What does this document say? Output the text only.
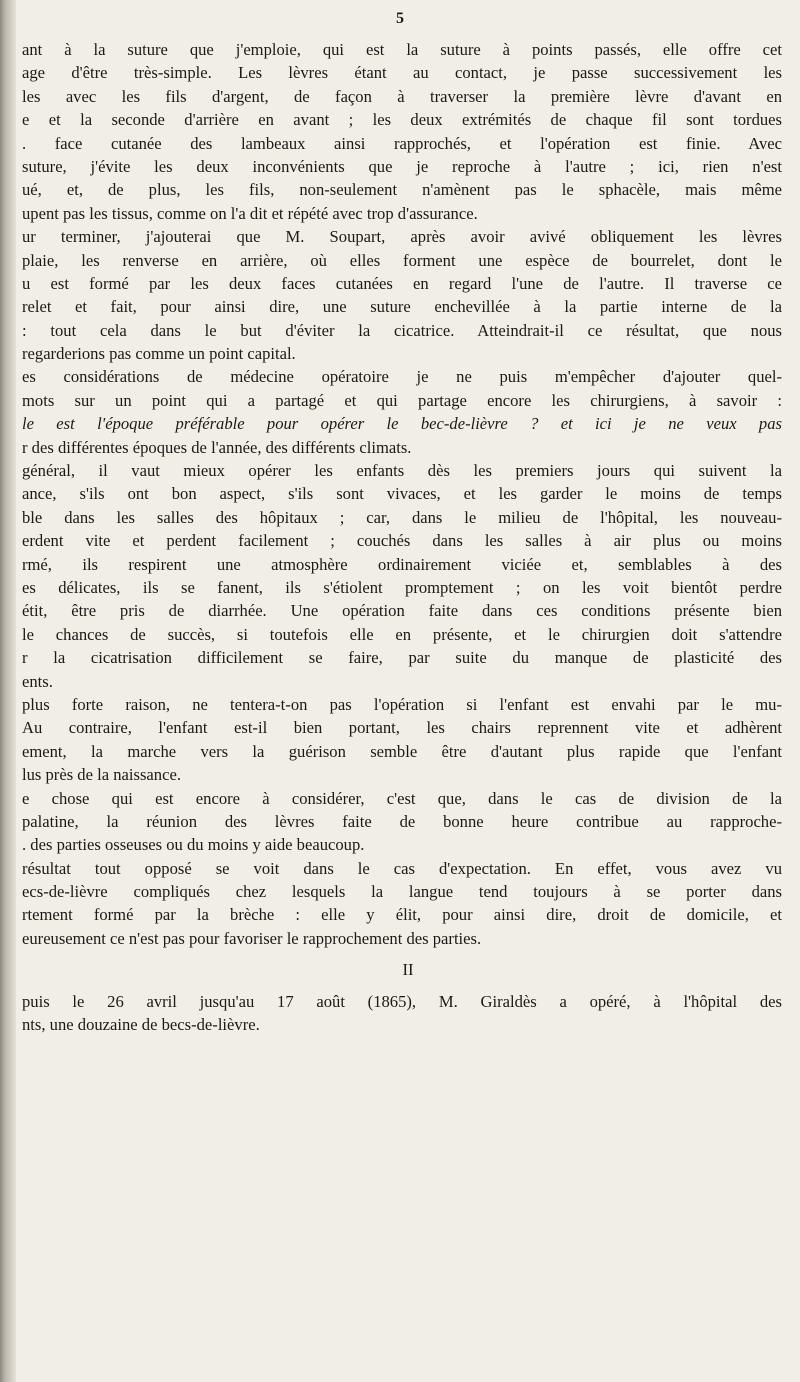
5
ant à la suture que j'emploie, qui est la suture à points passés, elle offre cet
age d'être très-simple. Les lèvres étant au contact, je passe successivement les
les avec les fils d'argent, de façon à traverser la première lèvre d'avant en
e et la seconde d'arrière en avant ; les deux extrémités de chaque fil sont tordues
. face cutanée des lambeaux ainsi rapprochés, et l'opération est finie. Avec
suture, j'évite les deux inconvénients que je reproche à l'autre ; ici, rien n'est
ué, et, de plus, les fils, non-seulement n'amènent pas le sphacèle, mais même
upent pas les tissus, comme on l'a dit et répété avec trop d'assurance.
ur terminer, j'ajouterai que M. Soupart, après avoir avivé obliquement les lèvres
plaie, les renverse en arrière, où elles forment une espèce de bourrelet, dont le
u est formé par les deux faces cutanées en regard l'une de l'autre. Il traverse ce
relet et fait, pour ainsi dire, une suture enchevillée à la partie interne de la
: tout cela dans le but d'éviter la cicatrice. Atteindrait-il ce résultat, que nous
regarderions pas comme un point capital.
es considérations de médecine opératoire je ne puis m'empêcher d'ajouter quel-
mots sur un point qui a partagé et qui partage encore les chirurgiens, à savoir :
le est l'époque préférable pour opérer le bec-de-lièvre ? et ici je ne veux pas
r des différentes époques de l'année, des différents climats.
général, il vaut mieux opérer les enfants dès les premiers jours qui suivent la
ance, s'ils ont bon aspect, s'ils sont vivaces, et les garder le moins de temps
ble dans les salles des hôpitaux ; car, dans le milieu de l'hôpital, les nouveau-
erdent vite et perdent facilement ; couchés dans les salles à air plus ou moins
rmé, ils respirent une atmosphère ordinairement viciée et, semblables à des
es délicates, ils se fanent, ils s'étiolent promptement ; on les voit bientôt perdre
étit, être pris de diarrhée. Une opération faite dans ces conditions présente bien
le chances de succès, si toutefois elle en présente, et le chirurgien doit s'attendre
r la cicatrisation difficilement se faire, par suite du manque de plasticité des
ents.
plus forte raison, ne tentera-t-on pas l'opération si l'enfant est envahi par le mu-
Au contraire, l'enfant est-il bien portant, les chairs reprennent vite et adhèrent
ement, la marche vers la guérison semble être d'autant plus rapide que l'enfant
lus près de la naissance.
e chose qui est encore à considérer, c'est que, dans le cas de division de la
palatine, la réunion des lèvres faite de bonne heure contribue au rapproche-
. des parties osseuses ou du moins y aide beaucoup.
résultat tout opposé se voit dans le cas d'expectation. En effet, vous avez vu
ecs-de-lièvre compliqués chez lesquels la langue tend toujours à se porter dans
rtement formé par la brèche : elle y élit, pour ainsi dire, droit de domicile, et
eureusement ce n'est pas pour favoriser le rapprochement des parties.
II
puis le 26 avril jusqu'au 17 août (1865), M. Giraldès a opéré, à l'hôpital des
nts, une douzaine de becs-de-lièvre.
